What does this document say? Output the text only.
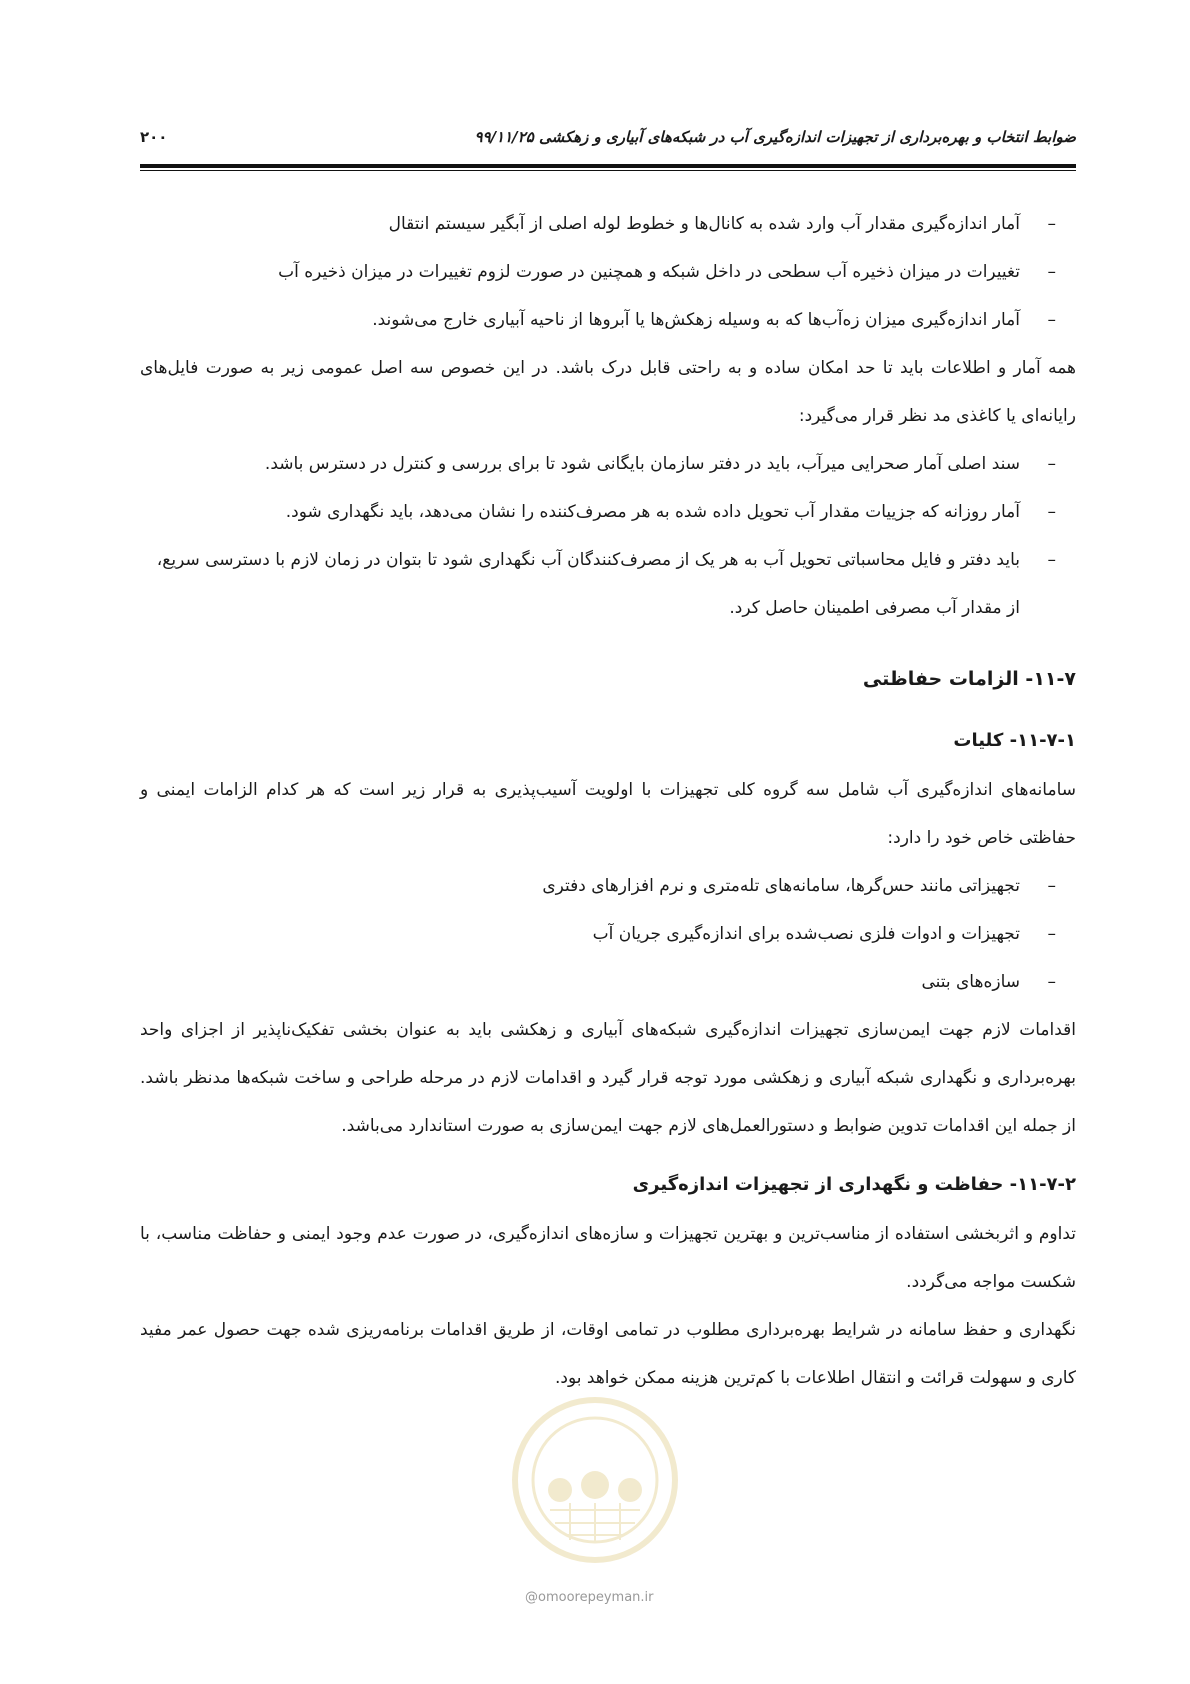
ضوابط انتخاب و بهره‌برداری از تجهیزات اندازه‌گیری آب در شبکه‌های آبیاری و زهکشی ۹۹/۱۱/۲۵
۲۰۰
–
آمار اندازه‌گیری مقدار آب وارد شده به کانال‌ها و خطوط لوله اصلی از آبگیر سیستم انتقال
–
تغییرات در میزان ذخیره آب سطحی در داخل شبکه و همچنین در صورت لزوم تغییرات در میزان ذخیره آب
–
آمار اندازه‌گیری میزان زه‌آب‌ها که به وسیله زهکش‌ها یا آبروها از ناحیه آبیاری خارج می‌شوند.
همه آمار و اطلاعات باید تا حد امکان ساده و به راحتی قابل درک باشد. در این خصوص سه اصل عمومی زیر به صورت فایل‌های رایانه‌ای یا کاغذی مد نظر قرار می‌گیرد:
–
سند اصلی آمار صحرایی میرآب، باید در دفتر سازمان بایگانی شود تا برای بررسی و کنترل در دسترس باشد.
–
آمار روزانه که جزییات مقدار آب تحویل داده شده به هر مصرف‌کننده را نشان می‌دهد، باید نگهداری شود.
–
باید دفتر و فایل محاسباتی تحویل آب به هر یک از مصرف‌کنندگان آب نگهداری شود تا بتوان در زمان لازم با دسترسی سریع، از مقدار آب مصرفی اطمینان حاصل کرد.
۱۱-۷- الزامات حفاظتی
۱۱-۷-۱- کلیات
سامانه‌های اندازه‌گیری آب شامل سه گروه کلی تجهیزات با اولویت آسیب‌پذیری به قرار زیر است که هر کدام الزامات ایمنی و حفاظتی خاص خود را دارد:
–
تجهیزاتی مانند حس‌گرها، سامانه‌های تله‌متری و نرم افزارهای دفتری
–
تجهیزات و ادوات فلزی نصب‌شده برای اندازه‌گیری جریان آب
–
سازه‌های بتنی
اقدامات لازم جهت ایمن‌سازی تجهیزات اندازه‌گیری شبکه‌های آبیاری و زهکشی باید به عنوان بخشی تفکیک‌ناپذیر از اجزای واحد بهره‌برداری و نگهداری شبکه آبیاری و زهکشی مورد توجه قرار گیرد و اقدامات لازم در مرحله طراحی و ساخت شبکه‌ها مدنظر باشد. از جمله این اقدامات تدوین ضوابط و دستورالعمل‌های لازم جهت ایمن‌سازی به صورت استاندارد می‌باشد.
۱۱-۷-۲- حفاظت و نگهداری از تجهیزات اندازه‌گیری
تداوم و اثربخشی استفاده از مناسب‌ترین و بهترین تجهیزات و سازه‌های اندازه‌گیری، در صورت عدم وجود ایمنی و حفاظت مناسب، با شکست مواجه می‌گردد.
نگهداری و حفظ سامانه در شرایط بهره‌برداری مطلوب در تمامی اوقات، از طریق اقدامات برنامه‌ریزی شده جهت حصول عمر مفید کاری و سهولت قرائت و انتقال اطلاعات با کم‌ترین هزینه ممکن خواهد بود.
@omoorepeyman.ir
